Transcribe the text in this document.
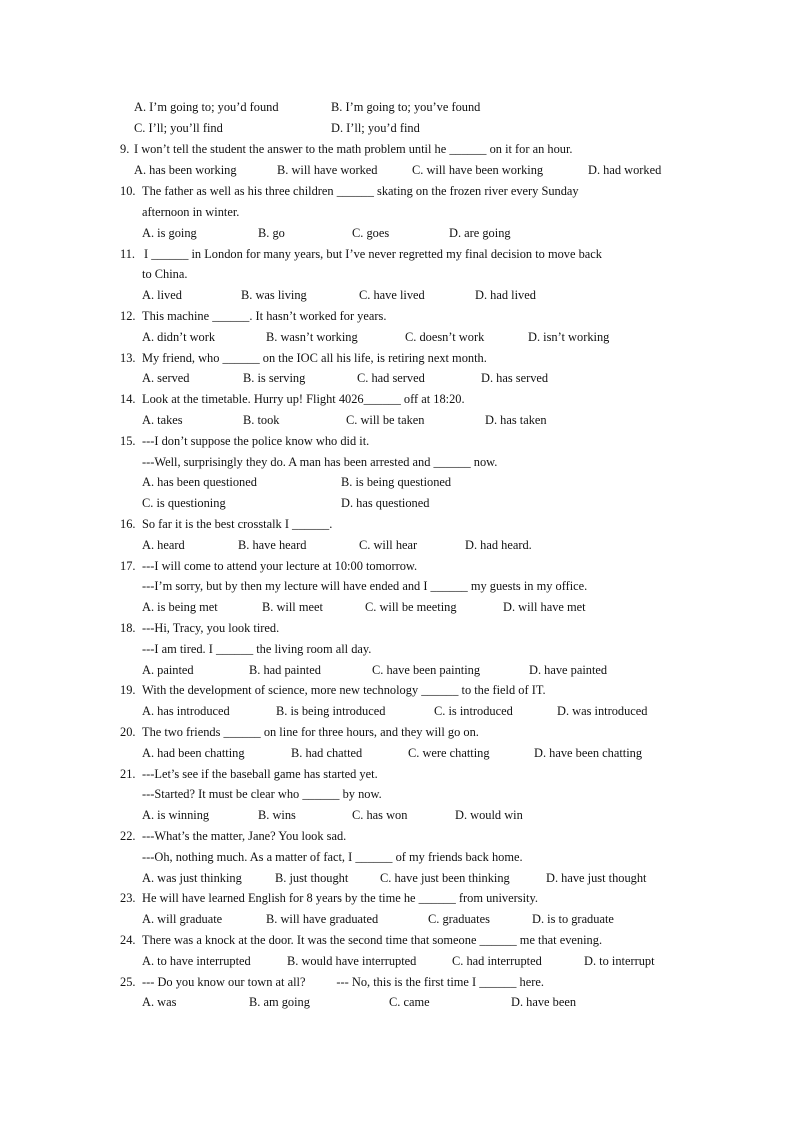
A. I’m going to; you’d found	B. I’m going to; you’ve found
C. I’ll; you’ll find	D. I’ll; you’d find
9. I won’t tell the student the answer to the math problem until he ______ on it for an hour.
A. has been working	B. will have worked	C. will have been working	D. had worked
10. The father as well as his three children ______ skating on the frozen river every Sunday
afternoon in winter.
A. is going	B. go	C. goes	D. are going
11. I ______ in London for many years, but I’ve never regretted my final decision to move back
to China.
A. lived	B. was living	C. have lived	D. had lived
12. This machine ______. It hasn’t worked for years.
A. didn’t work	B. wasn’t working	C. doesn’t work	D. isn’t working
13. My friend, who ______ on the IOC all his life, is retiring next month.
A. served	B. is serving	C. had served	D. has served
14. Look at the timetable. Hurry up! Flight 4026______ off at 18:20.
A. takes	B. took	C. will be taken	D. has taken
15. ---I don’t suppose the police know who did it.
---Well, surprisingly they do. A man has been arrested and ______ now.
A. has been questioned	B. is being questioned
C. is questioning	D. has questioned
16. So far it is the best crosstalk I ______.
A. heard	B. have heard	C. will hear	D. had heard.
17. ---I will come to attend your lecture at 10:00 tomorrow.
---I’m sorry, but by then my lecture will have ended and I ______ my guests in my office.
A. is being met	B. will meet	C. will be meeting	D. will have met
18. ---Hi, Tracy, you look tired.
---I am tired. I ______ the living room all day.
A. painted	B. had painted	C. have been painting	D. have painted
19. With the development of science, more new technology ______ to the field of IT.
A. has introduced	B. is being introduced	C. is introduced	D. was introduced
20. The two friends ______ on line for three hours, and they will go on.
A. had been chatting	B. had chatted	C. were chatting	D. have been chatting
21. ---Let’s see if the baseball game has started yet.
---Started? It must be clear who ______ by now.
A. is winning	B. wins	C. has won	D. would win
22. ---What’s the matter, Jane? You look sad.
---Oh, nothing much. As a matter of fact, I ______ of my friends back home.
A. was just thinking	B. just thought	C. have just been thinking	D. have just thought
23. He will have learned English for 8 years by the time he ______ from university.
A. will graduate	B. will have graduated	C. graduates	D. is to graduate
24. There was a knock at the door. It was the second time that someone ______ me that evening.
A. to have interrupted	B. would have interrupted	C. had interrupted	D. to interrupt
25. --- Do you know our town at all?          --- No, this is the first time I ______ here.
A. was	B. am going	C. came	D. have been
